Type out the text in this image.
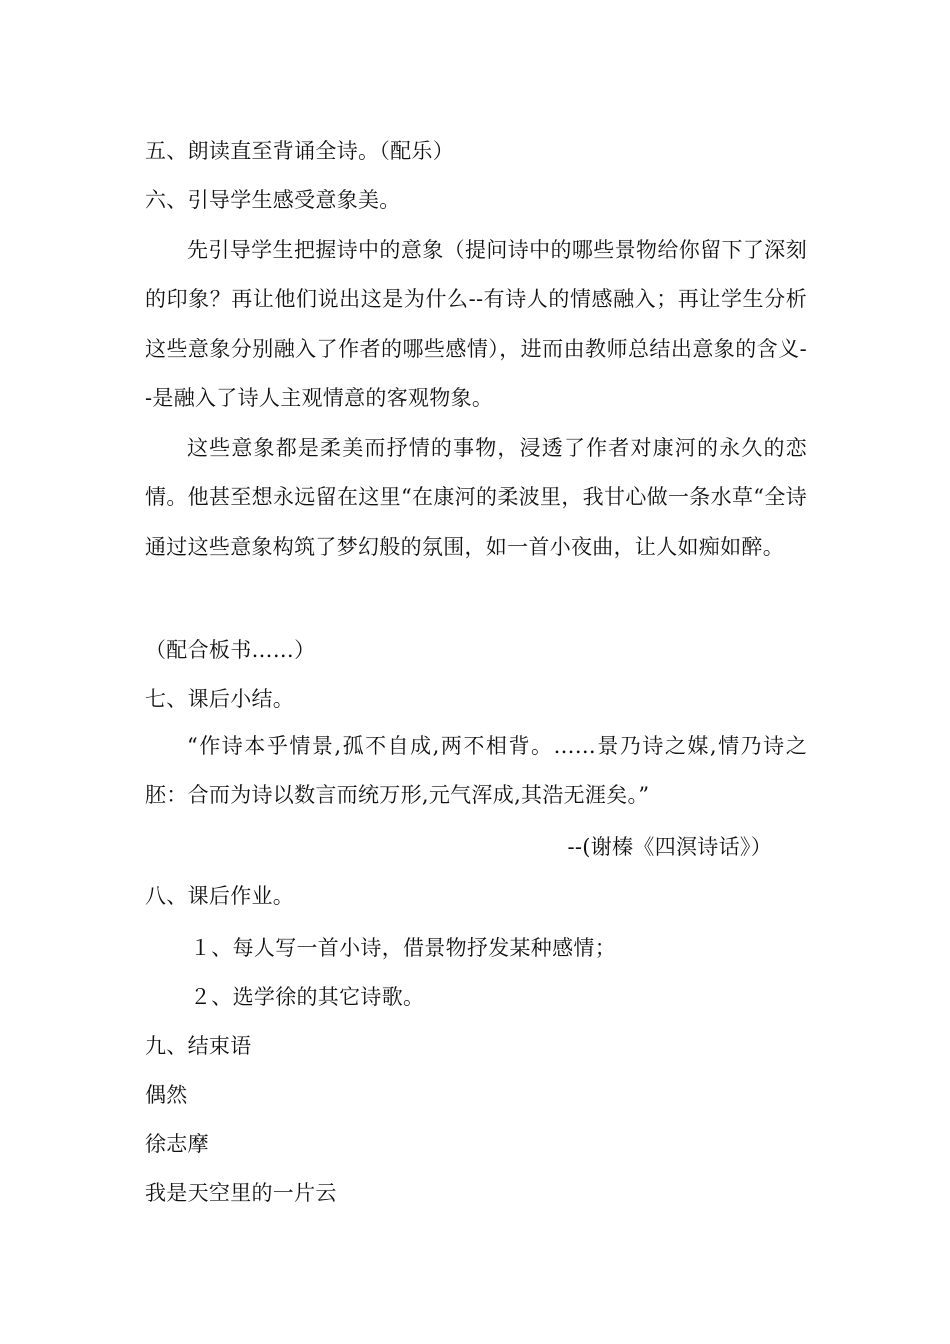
五、朗读直至背诵全诗。（配乐）
六、引导学生感受意象美。
先引导学生把握诗中的意象（提问诗中的哪些景物给你留下了深刻的印象？再让他们说出这是为什么--有诗人的情感融入；再让学生分析这些意象分别融入了作者的哪些感情），进而由教师总结出意象的含义--是融入了诗人主观情意的客观物象。
这些意象都是柔美而抒情的事物，浸透了作者对康河的永久的恋情。他甚至想永远留在这里“在康河的柔波里，我甘心做一条水草“全诗通过这些意象构筑了梦幻般的氛围，如一首小夜曲，让人如痴如醉。
（配合板书……）
七、课后小结。
“作诗本乎情景,孤不自成,两不相背。……景乃诗之媒,情乃诗之胚：合而为诗以数言而统万形,元气浑成,其浩无涯矣。”
--(谢榛《四溟诗话》）
八、课后作业。
１、每人写一首小诗，借景物抒发某种感情；
２、选学徐的其它诗歌。
九、结束语
偶然
徐志摩
我是天空里的一片云
